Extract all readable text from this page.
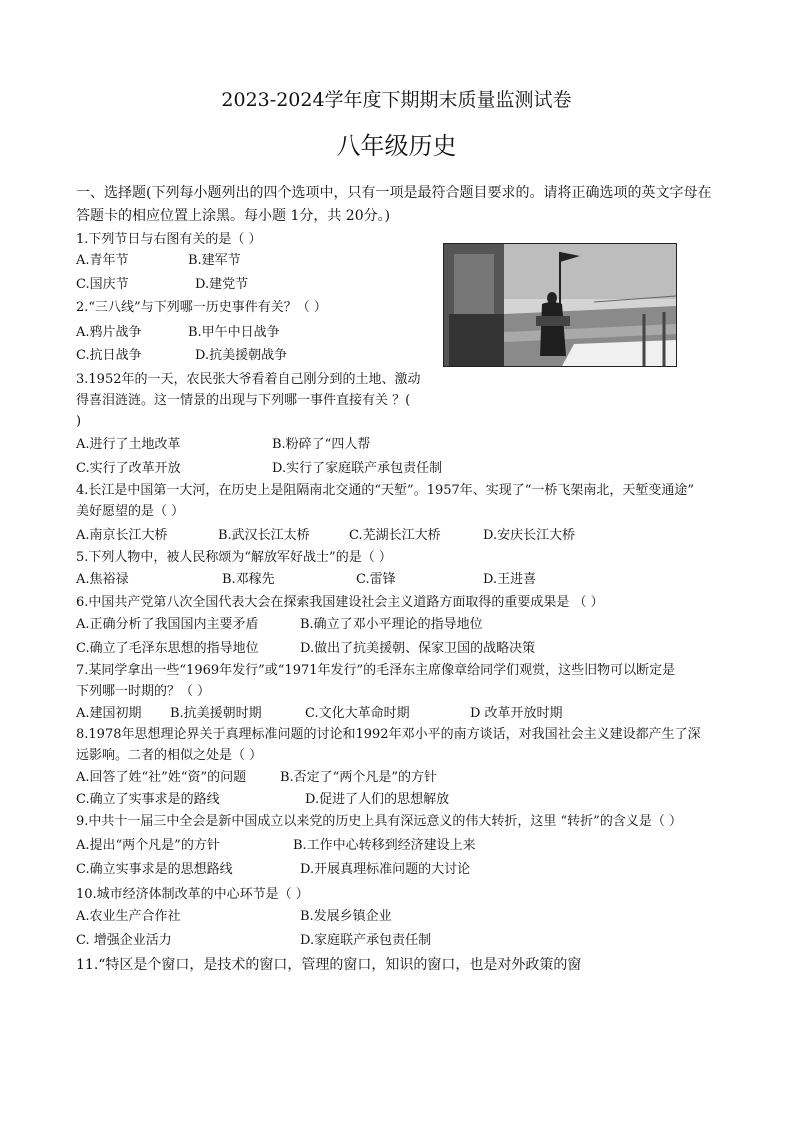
2023-2024学年度下期期末质量监测试卷
八年级历史
一、选择题(下列每小题列出的四个选项中，只有一项是最符合题目要求的。请将正确选项的英文字母在
答题卡的相应位置上涂黑。每小题 1分，共 20分。)
1.下列节日与右图有关的是（ ）
A.青年节	B.建军节
C.国庆节	D.建党节
2.“三八线”与下列哪一历史事件有关？（ ）
A.鸦片战争	B.甲午中日战争
C.抗日战争	D.抗美援朝战争
3.1952年的一天，农民张大爷看着自己刚分到的土地、激动
得喜泪涟涟。这一情景的出现与下列哪一事件直接有关 ？(
)
A.进行了土地改革	B.粉碎了“四人帮
C.实行了改革开放	D.实行了家庭联产承包责任制
4.长江是中国第一大河，在历史上是阻隔南北交通的“天堑”。1957年、实现了“一桥飞架南北，天堑变通途”
美好愿望的是（ ）
A.南京长江大桥	B.武汉长江太桥	C.芜湖长江大桥	D.安庆长江大桥
5.下列人物中，被人民称颂为“解放军好战士”的是（ ）
A.焦裕禄	B.邓稼先	C.雷锋	D.王进喜
6.中国共产党第八次全国代表大会在探索我国建设社会主义道路方面取得的重要成果是 （ ）
A.正确分析了我国国内主要矛盾	B.确立了邓小平理论的指导地位
C.确立了毛泽东思想的指导地位	D.做出了抗美援朝、保家卫国的战略决策
7.某同学拿出一些“1969年发行”或“1971年发行”的毛泽东主席像章给同学们观赏，这些旧物可以断定是
下列哪一时期的？（ ）
A.建国初期 B.抗美援朝时期	C.文化大革命时期	D 改革开放时期
8.1978年思想理论界关于真理标准问题的讨论和1992年邓小平的南方谈话，对我国社会主义建设都产生了深
远影响。二者的相似之处是（ ）
A.回答了姓“社”姓“资”的问题	B.否定了“两个凡是”的方针
C.确立了实事求是的路线	D.促进了人们的思想解放
9.中共十一届三中全会是新中国成立以来党的历史上具有深远意义的伟大转折，这里 “转折”的含义是（ ）
A.提出“两个凡是”的方针	B.工作中心转移到经济建设上来
C.确立实事求是的思想路线	D.开展真理标准问题的大讨论
10.城市经济体制改革的中心环节是（ ）
A.农业生产合作社	B.发展乡镇企业
C. 增强企业活力	D.家庭联产承包责任制
11.“特区是个窗口，是技术的窗口，管理的窗口，知识的窗口，也是对外政策的窗
